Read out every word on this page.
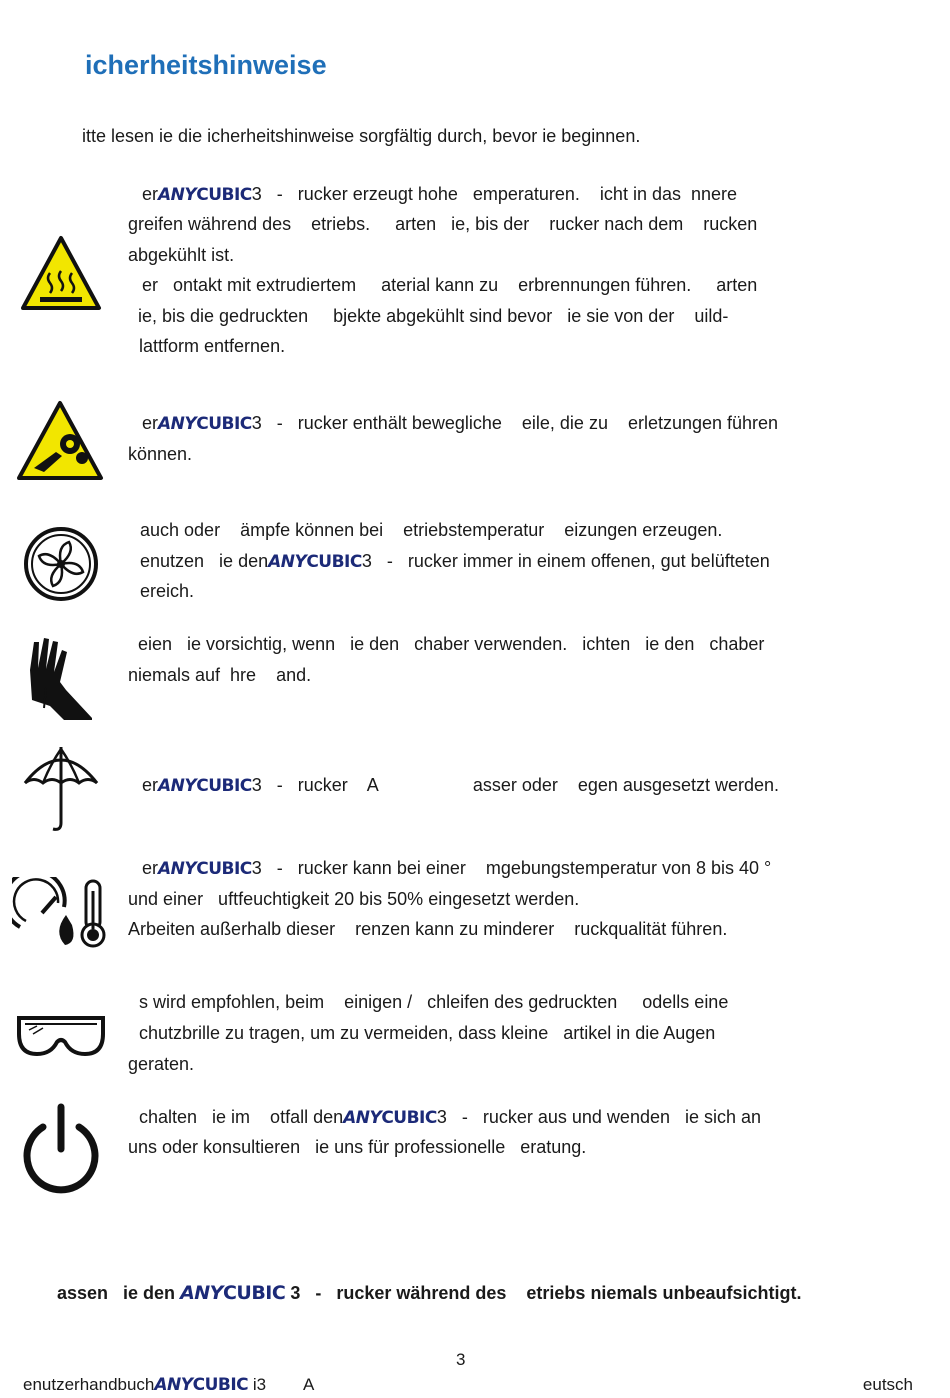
icherheitshinweise
itte lesen ie die icherheitshinweise sorgfältig durch, bevor ie beginnen.
erANYCUBIC3   -   rucker erzeugt hohe   emperaturen.    icht in das  nnere
greifen während des    etriebs.     arten   ie, bis der    rucker nach dem    rucken
abgekühlt ist.
er   ontakt mit extrudiertem     aterial kann zu    erbrennungen führen.     arten
ie, bis die gedruckten     bjekte abgekühlt sind bevor   ie sie von der    uild-
lattform entfernen.
erANYCUBIC3   -   rucker enthält bewegliche    eile, die zu    erletzungen führen
können.
auch oder    ämpfe können bei    etriebstemperatur    eizungen erzeugen.
enutzen   ie denANYCUBIC3   -   rucker immer in einem offenen, gut belüfteten
ereich.
eien   ie vorsichtig, wenn   ie den   chaber verwenden.   ichten   ie den   chaber
niemals auf  hre    and.
erANYCUBIC3   -   rucker    A                   asser oder    egen ausgesetzt werden.
erANYCUBIC3   -   rucker kann bei einer    mgebungstemperatur von 8 bis 40 °
und einer   uftfeuchtigkeit 20 bis 50% eingesetzt werden.
Arbeiten außerhalb dieser    renzen kann zu minderer    ruckqualität führen.
s wird empfohlen, beim    einigen /   chleifen des gedruckten     odells eine
chutzbrille zu tragen, um zu vermeiden, dass kleine   artikel in die Augen
geraten.
chalten   ie im    otfall denANYCUBIC3   -   rucker aus und wenden   ie sich an
uns oder konsultieren   ie uns für professionelle   eratung.
assen   ie den ANYCUBIC 3   -   rucker während des    etriebs niemals unbeaufsichtigt.
3
enutzerhandbuchANYCUBIC i3        A	eutsch
